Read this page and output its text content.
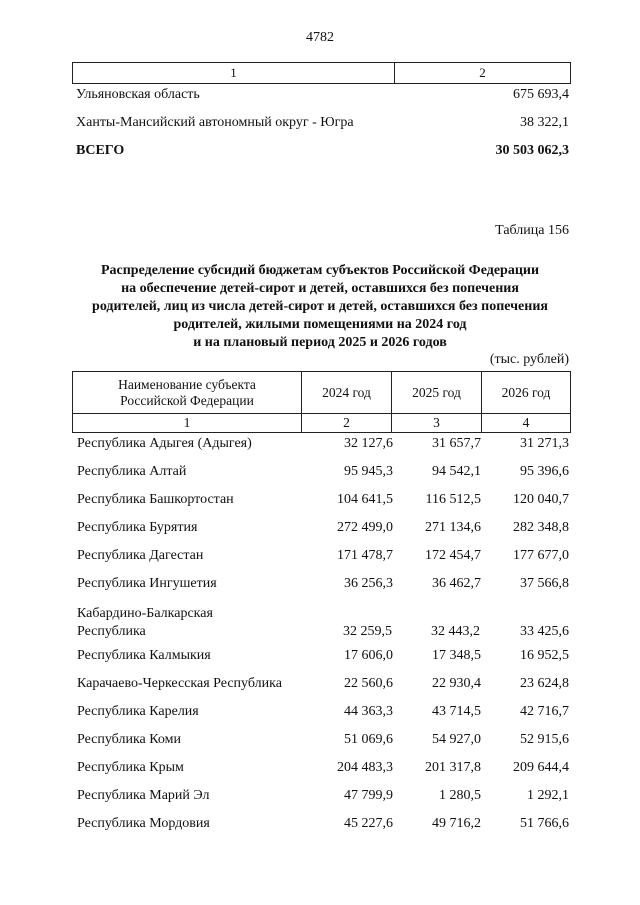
4782
1	2
Ульяновская область	675 693,4
Ханты-Мансийский автономный округ - Югра	38 322,1
ВСЕГО	30 503 062,3
Таблица 156
Распределение субсидий бюджетам субъектов Российской Федерации
на обеспечение детей-сирот и детей, оставшихся без попечения
родителей, лиц из числа детей-сирот и детей, оставшихся без попечения
родителей, жилыми помещениями на 2024 год
и на плановый период 2025 и 2026 годов
(тыс. рублей)
Наименование субъекта
Российской Федерации
2024 год	2025 год	2026 год
1	2	3	4
Республика Адыгея (Адыгея)	32 127,6	31 657,7	31 271,3
Республика Алтай	95 945,3	94 542,1	95 396,6
Республика Башкортостан	104 641,5	116 512,5	120 040,7
Республика Бурятия	272 499,0	271 134,6	282 348,8
Республика Дагестан	171 478,7	172 454,7	177 677,0
Республика Ингушетия	36 256,3	36 462,7	37 566,8
Кабардино-Балкарская Республика	32 259,5	32 443,2	33 425,6
Республика Калмыкия	17 606,0	17 348,5	16 952,5
Карачаево-Черкесская Республика	22 560,6	22 930,4	23 624,8
Республика Карелия	44 363,3	43 714,5	42 716,7
Республика Коми	51 069,6	54 927,0	52 915,6
Республика Крым	204 483,3	201 317,8	209 644,4
Республика Марий Эл	47 799,9	1 280,5	1 292,1
Республика Мордовия	45 227,6	49 716,2	51 766,6
